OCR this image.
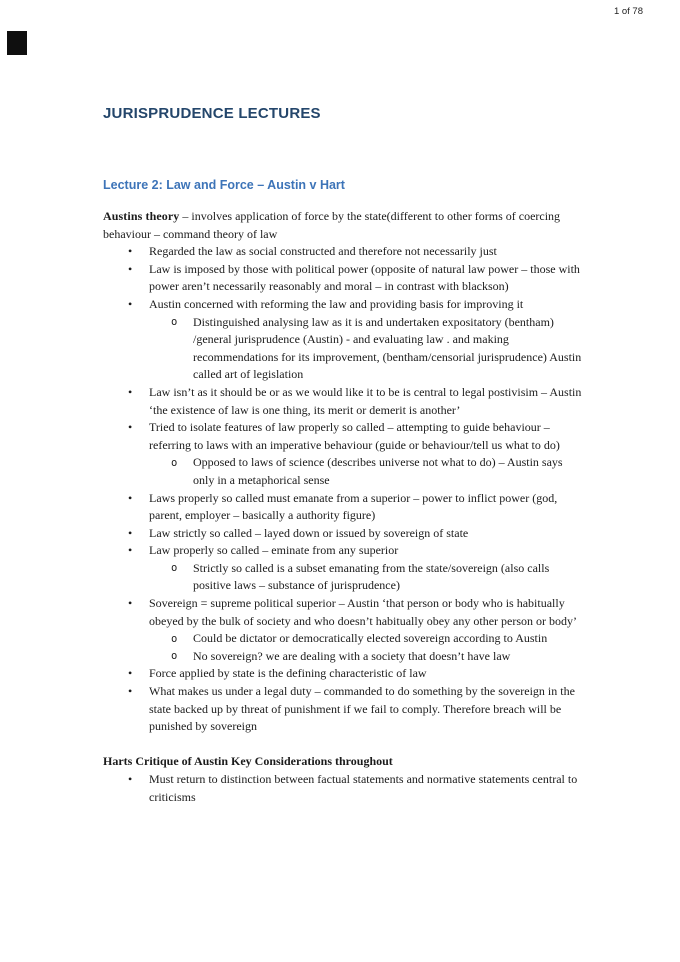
1 of 78
JURISPRUDENCE LECTURES
Lecture 2: Law and Force – Austin v Hart

Austins theory – involves application of force by the state(different to other forms of coercing behaviour – command theory of law

• Regarded the law as social constructed and therefore not necessarily just
• Law is imposed by those with political power (opposite of natural law power – those with power aren’t necessarily reasonably and moral – in contrast with blackson)
• Austin concerned with reforming the law and providing basis for improving it
o Distinguished analysing law as it is and undertaken expositatory (bentham) /general jurisprudence (Austin) - and evaluating law . and making recommendations for its improvement, (bentham/censorial jurisprudence) Austin called art of legislation
• Law isn’t as it should be or as we would like it to be is central to legal postivisim – Austin ‘the existence of law is one thing, its merit or demerit is another’
• Tried to isolate features of law properly so called – attempting to guide behaviour – referring to laws with an imperative behaviour (guide or behaviour/tell us what to do)
o Opposed to laws of science (describes universe not what to do) – Austin says only in a metaphorical sense
• Laws properly so called must emanate from a superior – power to inflict power (god, parent, employer – basically a authority figure)
• Law strictly so called – layed down or issued by sovereign of state
• Law properly so called – eminate from any superior
o Strictly so called is a subset emanating from the state/sovereign (also calls positive laws – substance of jurisprudence)
• Sovereign = supreme political superior – Austin ‘that person or body who is habitually obeyed by the bulk of society and who doesn’t habitually obey any other person or body’
o Could be dictator or democratically elected sovereign according to Austin
o No sovereign? we are dealing with a society that doesn’t have law
• Force applied by state is the defining characteristic of law
• What makes us under a legal duty – commanded to do something by the sovereign in the state backed up by threat of punishment if we fail to comply. Therefore breach will be punished by sovereign
Harts Critique of Austin Key Considerations throughout
• Must return to distinction between factual statements and normative statements central to criticisms
